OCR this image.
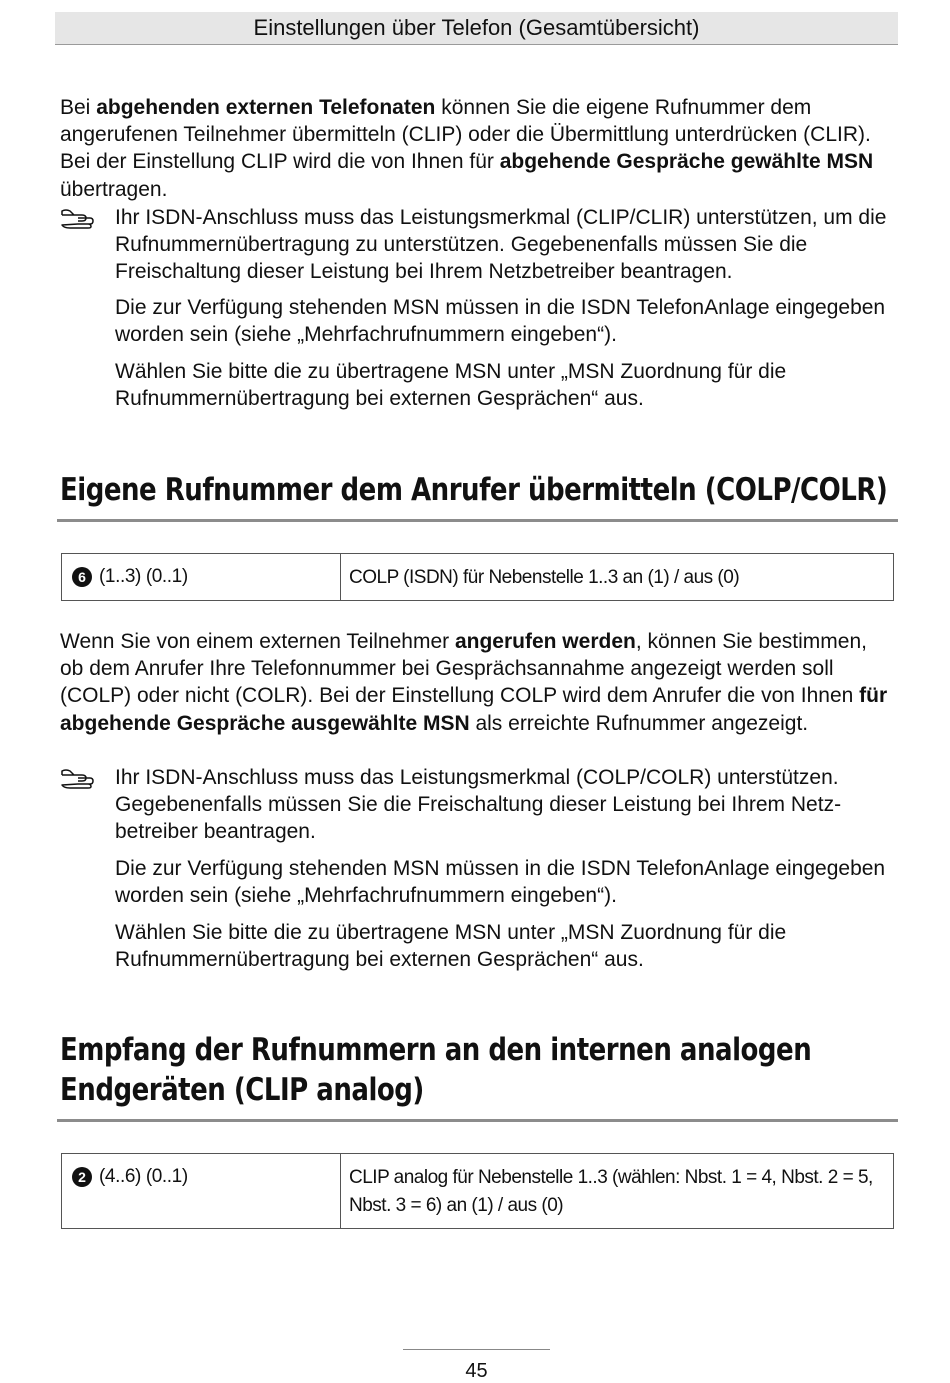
Einstellungen über Telefon (Gesamtübersicht)

Bei abgehenden externen Telefonaten können Sie die eigene Rufnummer dem angerufenen Teilnehmer übermitteln (CLIP) oder die Übermittlung unterdrücken (CLIR). Bei der Einstellung CLIP wird die von Ihnen für abgehende Gespräche gewählte MSN übertragen.

Ihr ISDN-Anschluss muss das Leistungsmerkmal (CLIP/CLIR) unterstützen, um die Rufnummernübertragung zu unterstützen. Gegebenenfalls müssen Sie die Freischaltung dieser Leistung bei Ihrem Netzbetreiber beantragen.

Die zur Verfügung stehenden MSN müssen in die ISDN TelefonAnlage eingegeben worden sein (siehe „Mehrfachrufnummern eingeben“).

Wählen Sie bitte die zu übertragene MSN unter „MSN Zuordnung für die Rufnummernübertragung bei externen Gesprächen“ aus.

Eigene Rufnummer dem Anrufer übermitteln (COLP/COLR)
6 (1..3) (0..1)	COLP (ISDN) für Nebenstelle 1..3 an (1) / aus (0)

Wenn Sie von einem externen Teilnehmer angerufen werden, können Sie bestimmen, ob dem Anrufer Ihre Telefonnummer bei Gesprächsannahme angezeigt werden soll (COLP) oder nicht (COLR). Bei der Einstellung COLP wird dem Anrufer die von Ihnen für abgehende Gespräche ausgewählte MSN als erreichte Rufnummer angezeigt.

Ihr ISDN-Anschluss muss das Leistungsmerkmal (COLP/COLR) unterstützen. Gegebenenfalls müssen Sie die Freischaltung dieser Leistung bei Ihrem Netzbetreiber beantragen.

Die zur Verfügung stehenden MSN müssen in die ISDN TelefonAnlage eingegeben worden sein (siehe „Mehrfachrufnummern eingeben“).

Wählen Sie bitte die zu übertragene MSN unter „MSN Zuordnung für die Rufnummernübertragung bei externen Gesprächen“ aus.

Empfang der Rufnummern an den internen analogen
Endgeräten (CLIP analog)
2 (4..6) (0..1)	CLIP analog für Nebenstelle 1..3 (wählen: Nbst. 1 = 4, Nbst. 2 = 5, Nbst. 3 = 6) an (1) / aus (0)
45
